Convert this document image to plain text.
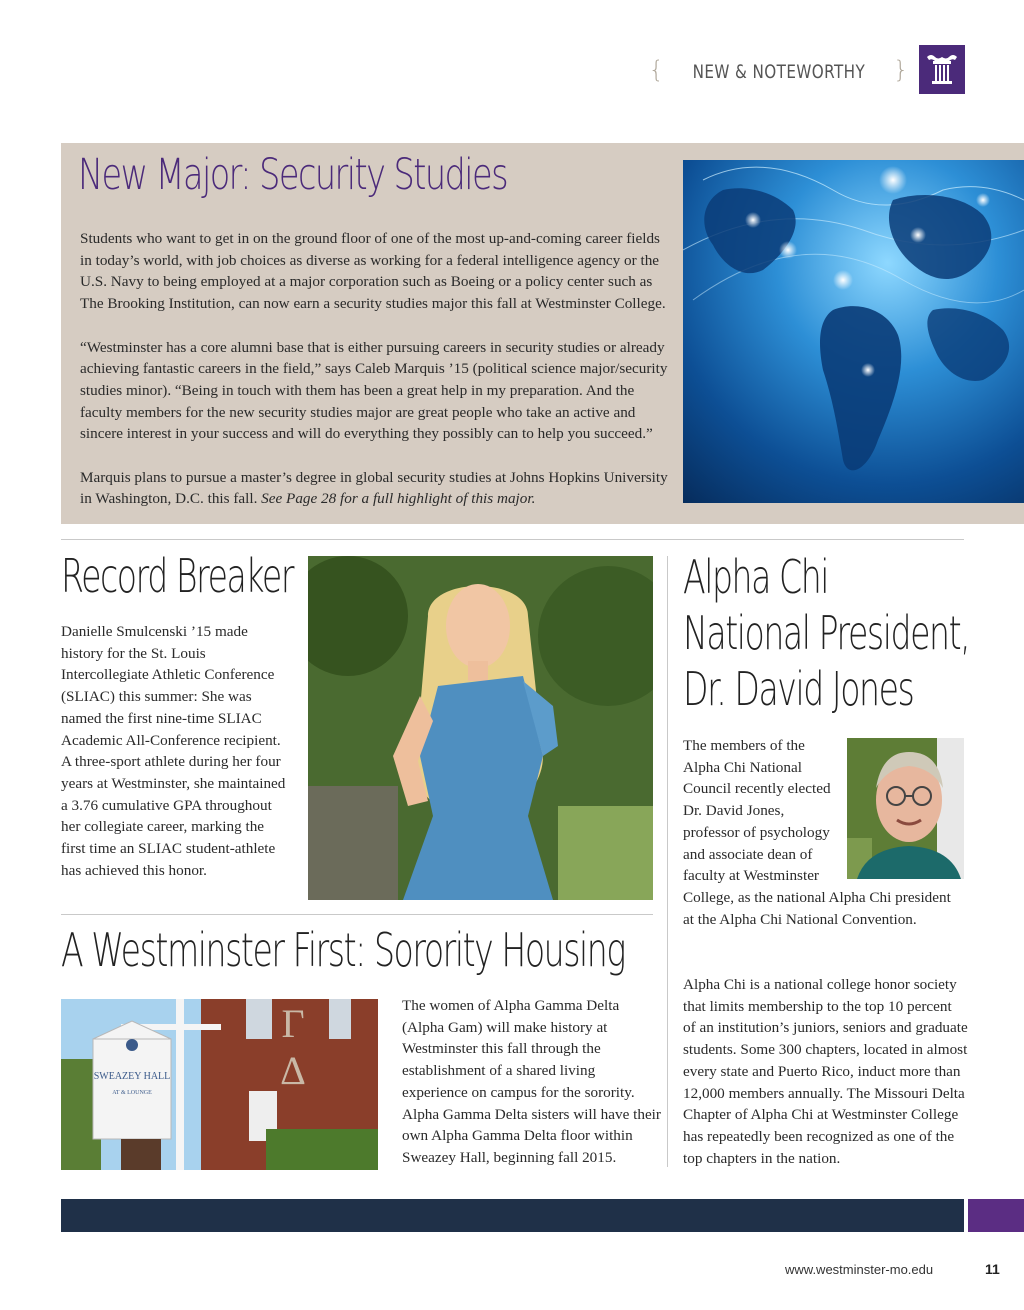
{ NEW & NOTEWORTHY }
New Major: Security Studies

Students who want to get in on the ground floor of one of the most up-and-coming career fields in today’s world, with job choices as diverse as working for a federal intelligence agency or the U.S. Navy to being employed at a major corporation such as Boeing or a policy center such as The Brooking Institution, can now earn a security studies major this fall at Westminster College.

“Westminster has a core alumni base that is either pursuing careers in security studies or already achieving fantastic careers in the field,” says Caleb Marquis ’15 (political science major/security studies minor). “Being in touch with them has been a great help in my preparation. And the faculty members for the new security studies major are great people who take an active and sincere interest in your success and will do everything they possibly can to help you succeed.”

Marquis plans to pursue a master’s degree in global security studies at Johns Hopkins University in Washington, D.C. this fall. See Page 28 for a full highlight of this major.

Record Breaker

Danielle Smulcenski ’15 made history for the St. Louis Intercollegiate Athletic Conference (SLIAC) this summer: She was named the first nine-time SLIAC Academic All-Conference recipient. A three-sport athlete during her four years at Westminster, she maintained a 3.76 cumulative GPA throughout her collegiate career, marking the first time an SLIAC student-athlete has achieved this honor.

A Westminster First: Sorority Housing
SWEAZEY HALL
AT & LOUNGE
Γ
Δ

The women of Alpha Gamma Delta (Alpha Gam) will make history at Westminster this fall through the establishment of a shared living experience on campus for the sorority. Alpha Gamma Delta sisters will have their own Alpha Gamma Delta floor within Sweazey Hall, beginning fall 2015.

Alpha Chi
National President,
Dr. David Jones

The members of the Alpha Chi National Council recently elected Dr. David Jones, professor of psychology and associate dean of faculty at Westminster
College, as the national Alpha Chi president at the Alpha Chi National Convention.

Alpha Chi is a national college honor society that limits membership to the top 10 percent of an institution’s juniors, seniors and graduate students. Some 300 chapters, located in almost every state and Puerto Rico, induct more than 12,000 members annually. The Missouri Delta Chapter of Alpha Chi at Westminster College has repeatedly been recognized as one of the top chapters in the nation.

www.westminster-mo.edu	11
